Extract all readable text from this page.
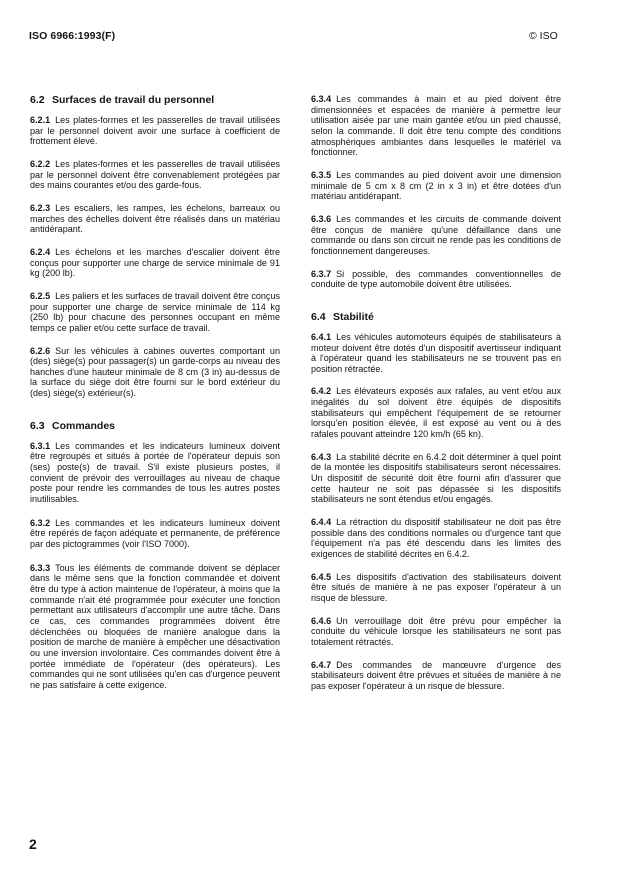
ISO 6966:1993(F)	© ISO
6.2 Surfaces de travail du personnel

6.2.1 Les plates-formes et les passerelles de travail utilisées par le personnel doivent avoir une surface à coefficient de frottement élevé.

6.2.2 Les plates-formes et les passerelles de travail utilisées par le personnel doivent être convenablement protégées par des mains courantes et/ou des garde-fous.

6.2.3 Les escaliers, les rampes, les échelons, barreaux ou marches des échelles doivent être réalisés dans un matériau antidérapant.

6.2.4 Les échelons et les marches d'escalier doivent être conçus pour supporter une charge de service minimale de 91 kg (200 lb).

6.2.5 Les paliers et les surfaces de travail doivent être conçus pour supporter une charge de service minimale de 114 kg (250 lb) pour chacune des personnes occupant en même temps ce palier et/ou cette surface de travail.

6.2.6 Sur les véhicules à cabines ouvertes comportant un (des) siège(s) pour passager(s) un garde-corps au niveau des hanches d'une hauteur minimale de 8 cm (3 in) au-dessus de la surface du siège doit être fourni sur le bord extérieur du (des) siège(s) extérieur(s).

6.3 Commandes

6.3.1 Les commandes et les indicateurs lumineux doivent être regroupés et situés à portée de l'opérateur depuis son (ses) poste(s) de travail. S'il existe plusieurs postes, il convient de prévoir des verrouillages au niveau de chaque poste pour rendre les commandes de tous les autres postes inutilisables.

6.3.2 Les commandes et les indicateurs lumineux doivent être repérés de façon adéquate et permanente, de préférence par des pictogrammes (voir l'ISO 7000).

6.3.3 Tous les éléments de commande doivent se déplacer dans le même sens que la fonction commandée et doivent être du type à action maintenue de l'opérateur, à moins que la commande n'ait été programmée pour exécuter une fonction permettant aux utilisateurs d'accomplir une autre tâche. Dans ce cas, ces commandes programmées doivent être déclenchées ou bloquées de manière analogue dans la position de marche de manière à empêcher une désactivation ou une inversion involontaire. Ces commandes doivent être à portée immédiate de l'opérateur (des opérateurs). Les commandes qui ne sont utilisées qu'en cas d'urgence peuvent ne pas satisfaire à cette exigence.

6.3.4 Les commandes à main et au pied doivent être dimensionnées et espacées de manière à permettre leur utilisation aisée par une main gantée et/ou un pied chaussé, selon la commande. Il doit être tenu compte des conditions atmosphériques ambiantes dans lesquelles le matériel va fonctionner.

6.3.5 Les commandes au pied doivent avoir une dimension minimale de 5 cm x 8 cm (2 in x 3 in) et être dotées d'un matériau antidérapant.

6.3.6 Les commandes et les circuits de commande doivent être conçus de manière qu'une défaillance dans une commande ou dans son circuit ne rende pas les conditions de fonctionnement dangereuses.

6.3.7 Si possible, des commandes conventionnelles de conduite de type automobile doivent être utilisées.

6.4 Stabilité

6.4.1 Les véhicules automoteurs équipés de stabilisateurs à moteur doivent être dotés d'un dispositif avertisseur indiquant à l'opérateur quand les stabilisateurs ne se trouvent pas en position rétractée.

6.4.2 Les élévateurs exposés aux rafales, au vent et/ou aux inégalités du sol doivent être équipés de dispositifs stabilisateurs qui empêchent l'équipement de se retourner lorsqu'en position élevée, il est exposé au vent ou à des rafales pouvant atteindre 120 km/h (65 kn).

6.4.3 La stabilité décrite en 6.4.2 doit déterminer à quel point de la montée les dispositifs stabilisateurs seront nécessaires. Un dispositif de sécurité doit être fourni afin d'assurer que cette hauteur ne soit pas dépassée si les dispositifs stabilisateurs ne sont étendus et/ou engagés.

6.4.4 La rétraction du dispositif stabilisateur ne doit pas être possible dans des conditions normales ou d'urgence tant que l'équipement n'a pas été descendu dans les limites des exigences de stabilité décrites en 6.4.2.

6.4.5 Les dispositifs d'activation des stabilisateurs doivent être situés de manière à ne pas exposer l'opérateur à un risque de blessure.

6.4.6 Un verrouillage doit être prévu pour empêcher la conduite du véhicule lorsque les stabilisateurs ne sont pas totalement rétractés.

6.4.7 Des commandes de manœuvre d'urgence des stabilisateurs doivent être prévues et situées de manière à ne pas exposer l'opérateur à un risque de blessure.

2
